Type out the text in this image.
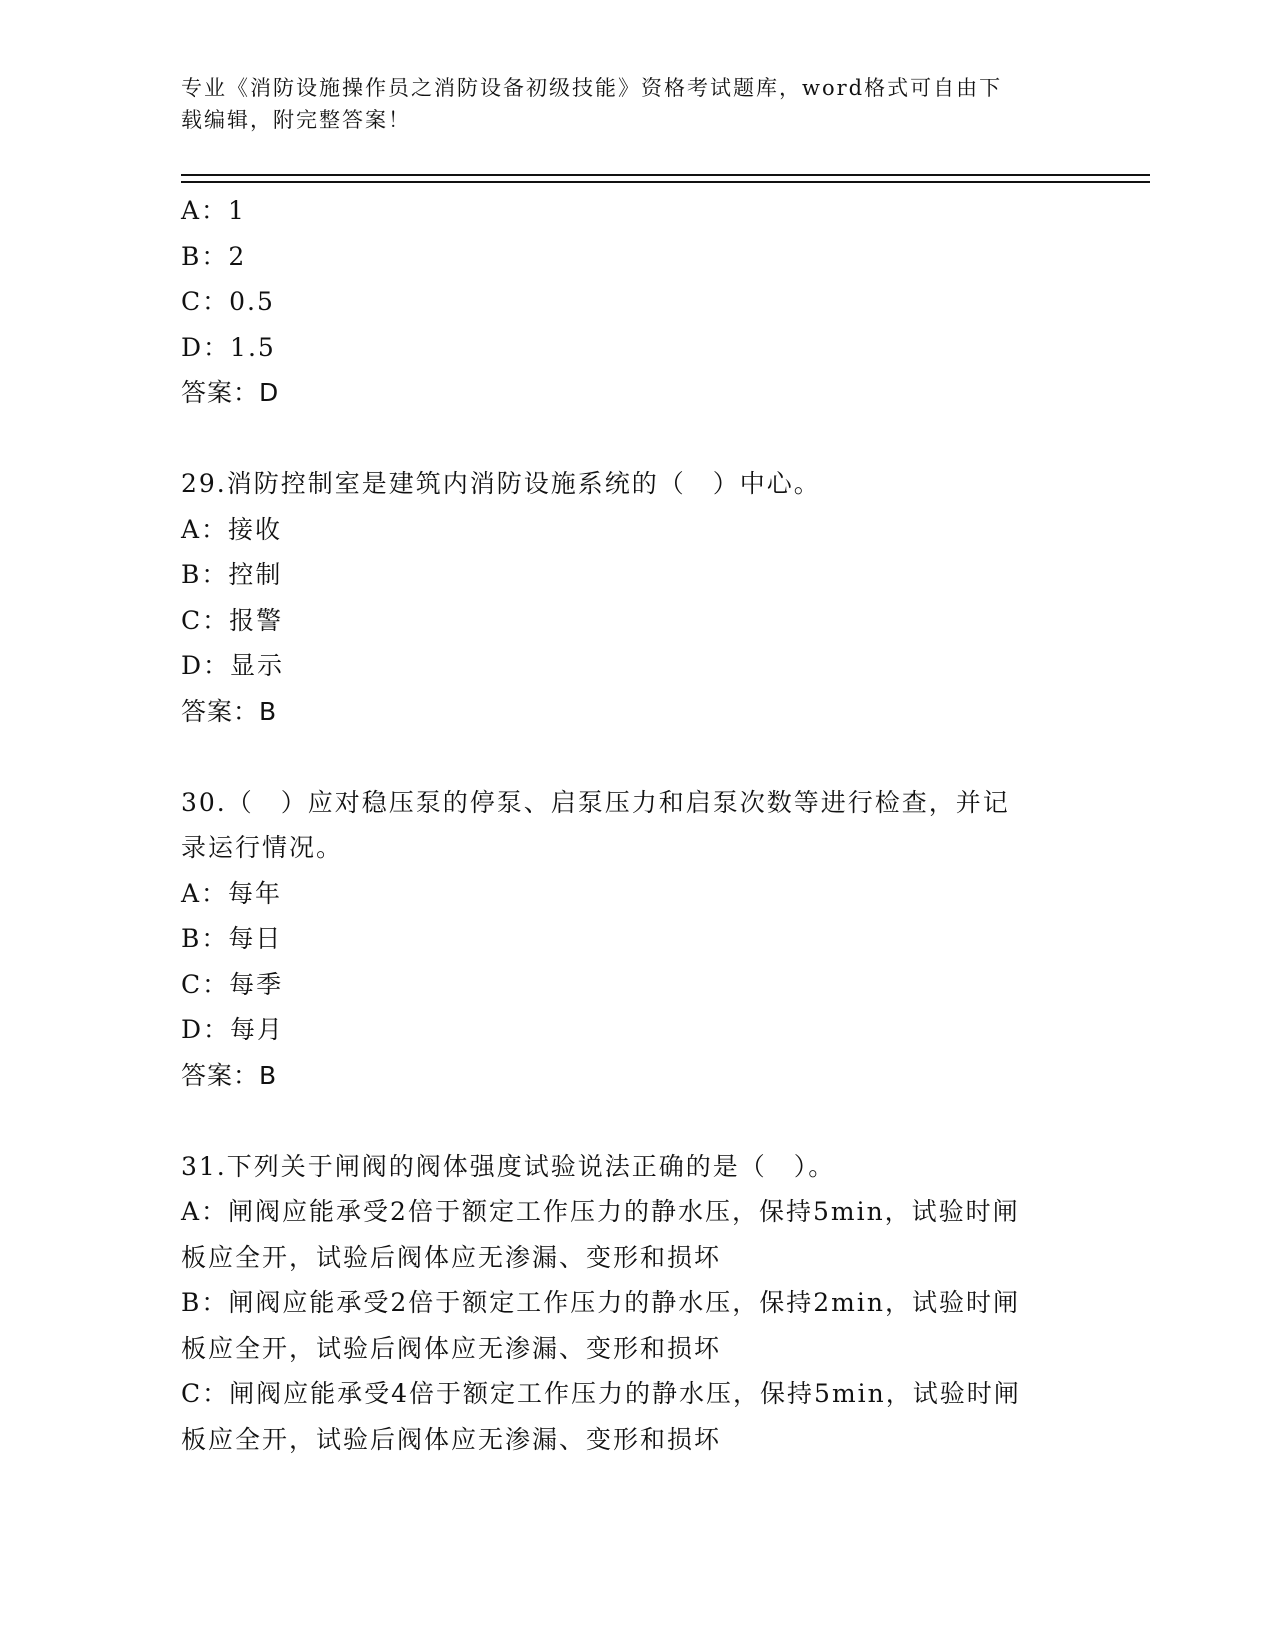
专业《消防设施操作员之消防设备初级技能》资格考试题库，word格式可自由下
载编辑，附完整答案！
A：1
B：2
C：0.5
D：1.5
答案：D
29.消防控制室是建筑内消防设施系统的（　）中心。
A：接收
B：控制
C：报警
D：显示
答案：B
30.（　）应对稳压泵的停泵、启泵压力和启泵次数等进行检查，并记
录运行情况。
A：每年
B：每日
C：每季
D：每月
答案：B
31.下列关于闸阀的阀体强度试验说法正确的是（　）。
A：闸阀应能承受2倍于额定工作压力的静水压，保持5min，试验时闸
板应全开，试验后阀体应无渗漏、变形和损坏
B：闸阀应能承受2倍于额定工作压力的静水压，保持2min，试验时闸
板应全开，试验后阀体应无渗漏、变形和损坏
C：闸阀应能承受4倍于额定工作压力的静水压，保持5min，试验时闸
板应全开，试验后阀体应无渗漏、变形和损坏
